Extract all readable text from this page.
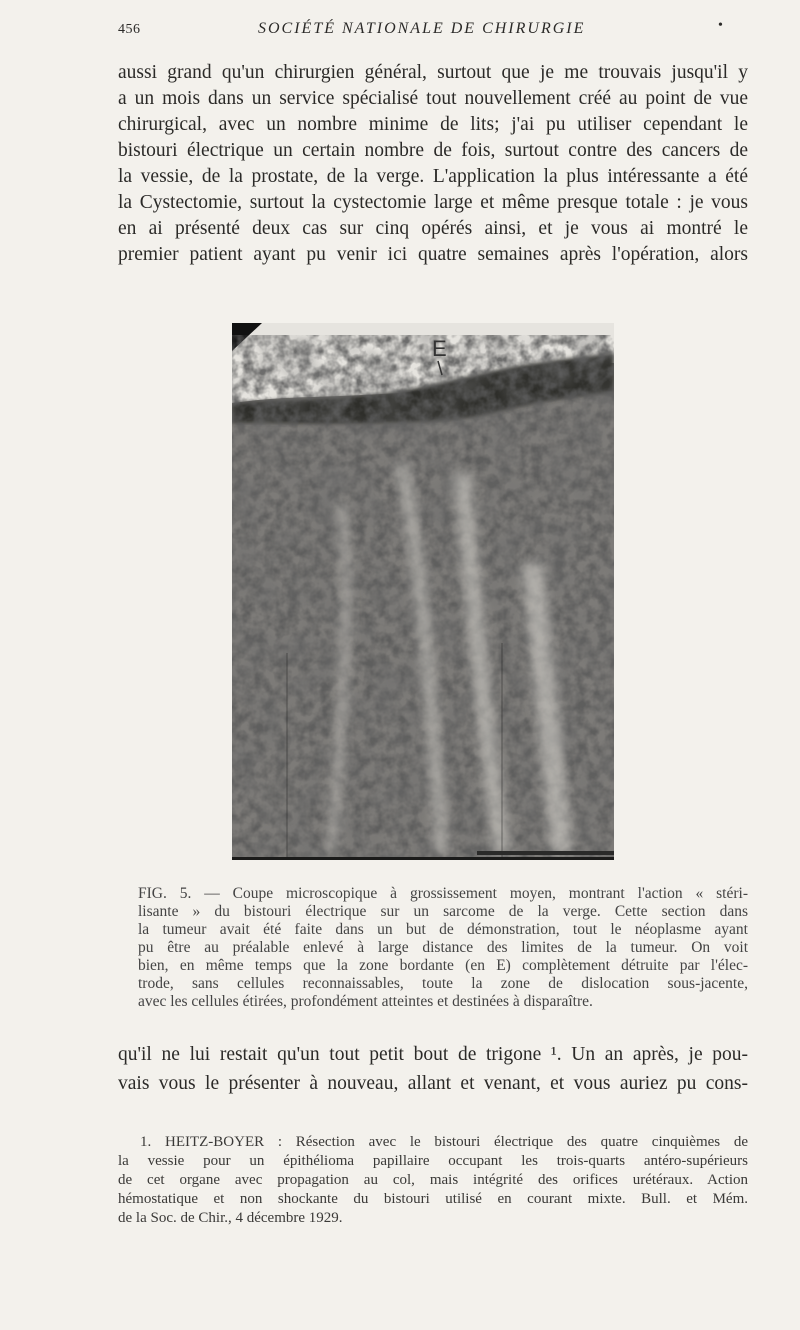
456	SOCIÉTÉ NATIONALE DE CHIRURGIE	•

aussi grand qu'un chirurgien général, surtout que je me trouvais jusqu'il y
a un mois dans un service spécialisé tout nouvellement créé au point de vue
chirurgical, avec un nombre minime de lits; j'ai pu utiliser cependant le
bistouri électrique un certain nombre de fois, surtout contre des cancers de
la vessie, de la prostate, de la verge. L'application la plus intéressante a été
la Cystectomie, surtout la cystectomie large et même presque totale : je vous
en ai présenté deux cas sur cinq opérés ainsi, et je vous ai montré le
premier patient ayant pu venir ici quatre semaines après l'opération, alors

E
FIG. 5. — Coupe microscopique à grossissement moyen, montrant l'action « stéri-
lisante » du bistouri électrique sur un sarcome de la verge. Cette section dans
la tumeur avait été faite dans un but de démonstration, tout le néoplasme ayant
pu être au préalable enlevé à large distance des limites de la tumeur. On voit
bien, en même temps que la zone bordante (en E) complètement détruite par l'élec-
trode, sans cellules reconnaissables, toute la zone de dislocation sous-jacente,
avec les cellules étirées, profondément atteintes et destinées à disparaître.

qu'il ne lui restait qu'un tout petit bout de trigone ¹. Un an après, je pou-
vais vous le présenter à nouveau, allant et venant, et vous auriez pu cons-

1. HEITZ-BOYER : Résection avec le bistouri électrique des quatre cinquièmes de
la vessie pour un épithélioma papillaire occupant les trois-quarts antéro-supérieurs
de cet organe avec propagation au col, mais intégrité des orifices urétéraux. Action
hémostatique et non shockante du bistouri utilisé en courant mixte. Bull. et Mém.
de la Soc. de Chir., 4 décembre 1929.
